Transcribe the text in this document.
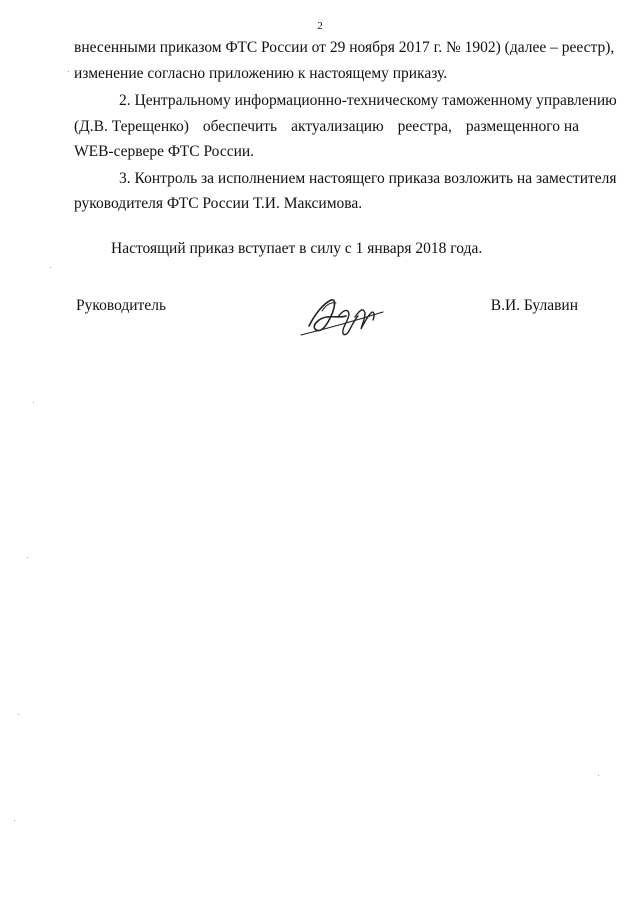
2
внесенными приказом ФТС России от 29 ноября 2017 г. № 1902) (далее – реестр),
изменение согласно приложению к настоящему приказу.
2. Центральному информационно-техническому таможенному управлению
(Д.В. Терещенко) обеспечить актуализацию реестра, размещенного на
WEB-сервере ФТС России.
3. Контроль за исполнением настоящего приказа возложить на заместителя
руководителя ФТС России Т.И. Максимова.
Настоящий приказ вступает в силу с 1 января 2018 года.
Руководитель	В.И. Булавин
